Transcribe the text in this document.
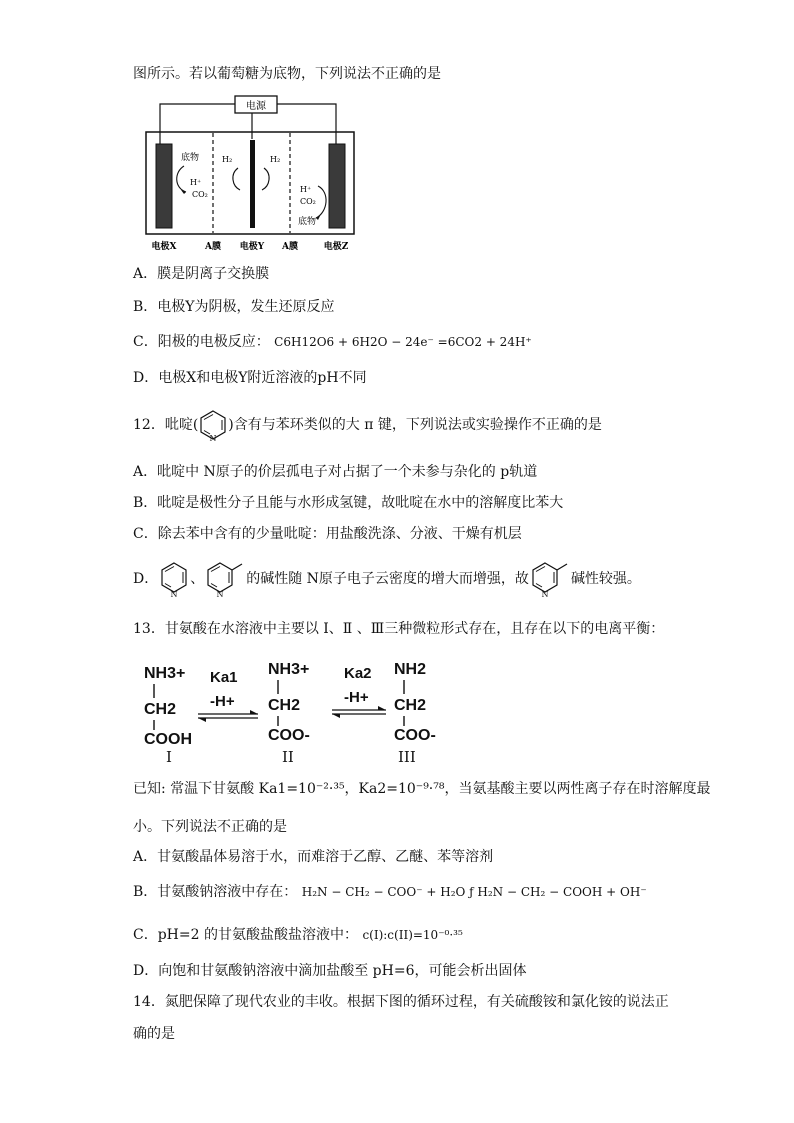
图所示。若以葡萄糖为底物，下列说法不正确的是
电源
底物
H⁺
CO₂
H₂	H₂
H⁺
CO₂
底物
电极X	A膜 电极Y A膜	电极Z
A．膜是阴离子交换膜
B．电极Y为阴极，发生还原反应
C．阳极的电极反应： C6H12O6 + 6H2O − 24e⁻ =6CO2 + 24H⁺
D．电极X和电极Y附近溶液的pH不同
12．吡啶(
N
)含有与苯环类似的大 π 键，下列说法或实验操作不正确的是
A．吡啶中 N原子的价层孤电子对占据了一个未参与杂化的 p轨道
B．吡啶是极性分子且能与水形成氢键，故吡啶在水中的溶解度比苯大
C．除去苯中含有的少量吡啶：用盐酸洗涤、分液、干燥有机层
D．
N
、
N
的碱性随 N原子电子云密度的增大而增强，故
N
碱性较强。
13．甘氨酸在水溶液中主要以 Ⅰ、Ⅱ 、Ⅲ三种微粒形式存在，且存在以下的电离平衡：
NH3+
CH2
COOH
I
Ka1
-H+
NH3+
CH2
COO-
II
Ka2
-H+
NH2
CH2
COO-
III
已知: 常温下甘氨酸 Ka1=10⁻²·³⁵，Ka2=10⁻⁹·⁷⁸，当氨基酸主要以两性离子存在时溶解度最
小。下列说法不正确的是
A．甘氨酸晶体易溶于水，而难溶于乙醇、乙醚、苯等溶剂
B．甘氨酸钠溶液中存在： H₂N − CH₂ − COO⁻ + H₂O ƒ H₂N − CH₂ − COOH + OH⁻
C．pH=2 的甘氨酸盐酸盐溶液中： c(I):c(II)=10⁻⁰·³⁵
D．向饱和甘氨酸钠溶液中滴加盐酸至 pH=6，可能会析出固体
14．氮肥保障了现代农业的丰收。根据下图的循环过程，有关硫酸铵和氯化铵的说法正
确的是
